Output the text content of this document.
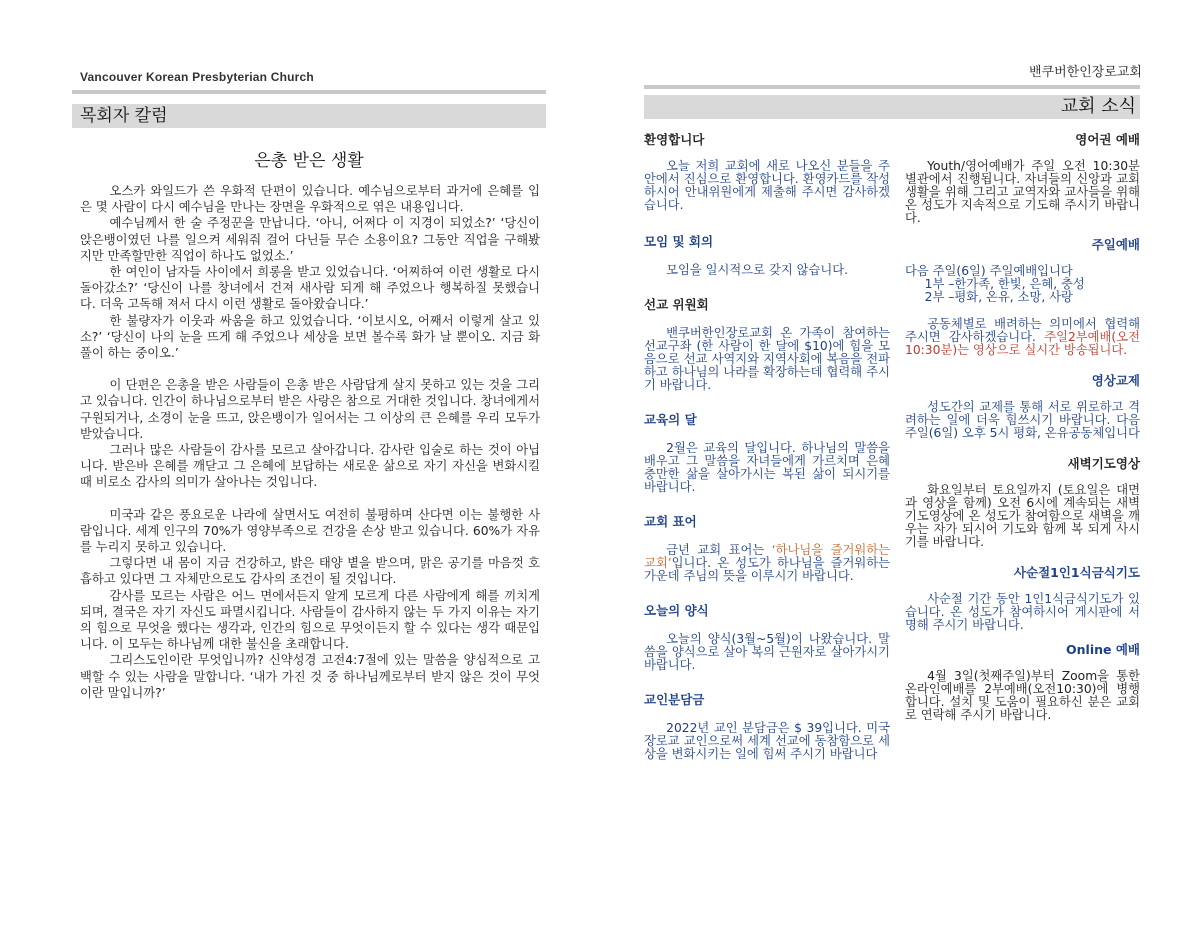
Vancouver Korean Presbyterian Church
목회자 칼럼
은총 받은 생활

오스카 와일드가 쓴 우화적 단편이 있습니다. 예수님으로부터 과거에 은혜를 입은 몇 사람이 다시 예수님을 만나는 장면을 우화적으로 엮은 내용입니다.

예수님께서 한 술 주정꾼을 만납니다. ‘아니, 어쩌다 이 지경이 되었소?’ ‘당신이 앉은뱅이였던 나를 일으켜 세워줘 걸어 다닌들 무슨 소용이요? 그동안 직업을 구해봤지만 만족할만한 직업이 하나도 없었소.’

한 여인이 남자들 사이에서 희롱을 받고 있었습니다. ‘어찌하여 이런 생활로 다시 돌아갔소?’ ‘당신이 나를 창녀에서 건져 새사람 되게 해 주었으나 행복하질 못했습니다. 더욱 고독해 져서 다시 이런 생활로 돌아왔습니다.’

한 불량자가 이웃과 싸움을 하고 있었습니다. ‘이보시오, 어째서 이렇게 살고 있소?’ ‘당신이 나의 눈을 뜨게 해 주었으나 세상을 보면 볼수록 화가 날 뿐이오. 지금 화풀이 하는 중이오.’

이 단편은 은총을 받은 사람들이 은총 받은 사람답게 살지 못하고 있는 것을 그리고 있습니다. 인간이 하나님으로부터 받은 사랑은 참으로 거대한 것입니다. 창녀에게서 구원되거나, 소경이 눈을 뜨고, 앉은뱅이가 일어서는 그 이상의 큰 은혜를 우리 모두가 받았습니다.

그러나 많은 사람들이 감사를 모르고 살아갑니다. 감사란 입술로 하는 것이 아닙니다. 받은바 은혜를 깨닫고 그 은혜에 보답하는 새로운 삶으로 자기 자신을 변화시킬 때 비로소 감사의 의미가 살아나는 것입니다.

미국과 같은 풍요로운 나라에 살면서도 여전히 불평하며 산다면 이는 불행한 사람입니다. 세계 인구의 70%가 영양부족으로 건강을 손상 받고 있습니다. 60%가 자유를 누리지 못하고 있습니다.

그렇다면 내 몸이 지금 건강하고, 밝은 태양 볕을 받으며, 맑은 공기를 마음껏 호흡하고 있다면 그 자체만으로도 감사의 조건이 될 것입니다.

감사를 모르는 사람은 어느 면에서든지 알게 모르게 다른 사람에게 해를 끼치게 되며, 결국은 자기 자신도 파멸시킵니다. 사람들이 감사하지 않는 두 가지 이유는 자기의 힘으로 무엇을 했다는 생각과, 인간의 힘으로 무엇이든지 할 수 있다는 생각 때문입니다. 이 모두는 하나님께 대한 불신을 초래합니다.

그리스도인이란 무엇입니까? 신약성경 고전4:7절에 있는 말씀을 양심적으로 고백할 수 있는 사람을 말합니다. ‘내가 가진 것 중 하나님께로부터 받지 않은 것이 무엇이란 말입니까?’

밴쿠버한인장로교회
교회 소식
환영합니다

오늘 저희 교회에 새로 나오신 분들을 주 안에서 진심으로 환영합니다. 환영카드를 작성하시어 안내위원에게 제출해 주시면 감사하겠습니다.

모임 및 회의

모임을 일시적으로 갖지 않습니다.

선교 위원회

밴쿠버한인장로교회 온 가족이 참여하는 선교구좌 (한 사람이 한 달에 $10)에 힘을 모음으로 선교 사역지와 지역사회에 복음을 전파하고 하나님의 나라를 확장하는데 협력해 주시기 바랍니다.

교육의 달

2월은 교육의 달입니다. 하나님의 말씀을 배우고 그 말씀을 자녀들에게 가르치며 은혜 충만한 삶을 살아가시는 복된 삶이 되시기를 바랍니다.

교회 표어

금년 교회 표어는 ‘하나님을 즐거워하는 교회’입니다. 온 성도가 하나님을 즐거워하는 가운데 주님의 뜻을 이루시기 바랍니다.

오늘의 양식

오늘의 양식(3월~5월)이 나왔습니다. 말씀을 양식으로 살아 복의 근원자로 살아가시기 바랍니다.

교인분담금

2022년 교인 분담금은 $ 39입니다. 미국장로교 교인으로써 세계 선교에 동참함으로 세상을 변화시키는 일에 힘써 주시기 바랍니다

영어권 예배

Youth/영어예배가 주일 오전 10:30분 별관에서 진행됩니다. 자녀들의 신앙과 교회생활을 위해 그리고 교역자와 교사들을 위해 온 성도가 지속적으로 기도해 주시기 바랍니다.

주일예배

다음 주일(6일) 주일예배입니다
1부 –한가족, 한빛, 은혜, 충성
2부 –평화, 온유, 소망, 사랑

공동체별로 배려하는 의미에서 협력해 주시면 감사하겠습니다. 주일2부예배(오전10:30분)는 영상으로 실시간 방송됩니다.

영상교제

성도간의 교제를 통해 서로 위로하고 격려하는 일에 더욱 힘쓰시기 바랍니다. 다음주일(6일) 오후 5시 평화, 온유공동체입니다

새벽기도영상

화요일부터 토요일까지 (토요일은 대면과 영상을 함께) 오전 6시에 계속되는 새벽기도영상에 온 성도가 참여함으로 새벽을 깨우는 자가 되시어 기도와 함께 복 되게 사시기를 바랍니다.

사순절1인1식금식기도

사순절 기간 동안 1인1식금식기도가 있습니다. 온 성도가 참여하시어 게시판에 서명해 주시기 바랍니다.

Online 예배

4월 3일(첫째주일)부터 Zoom을 통한 온라인예배를 2부예배(오전10:30)에 병행합니다. 설치 및 도움이 필요하신 분은 교회로 연락해 주시기 바랍니다.
